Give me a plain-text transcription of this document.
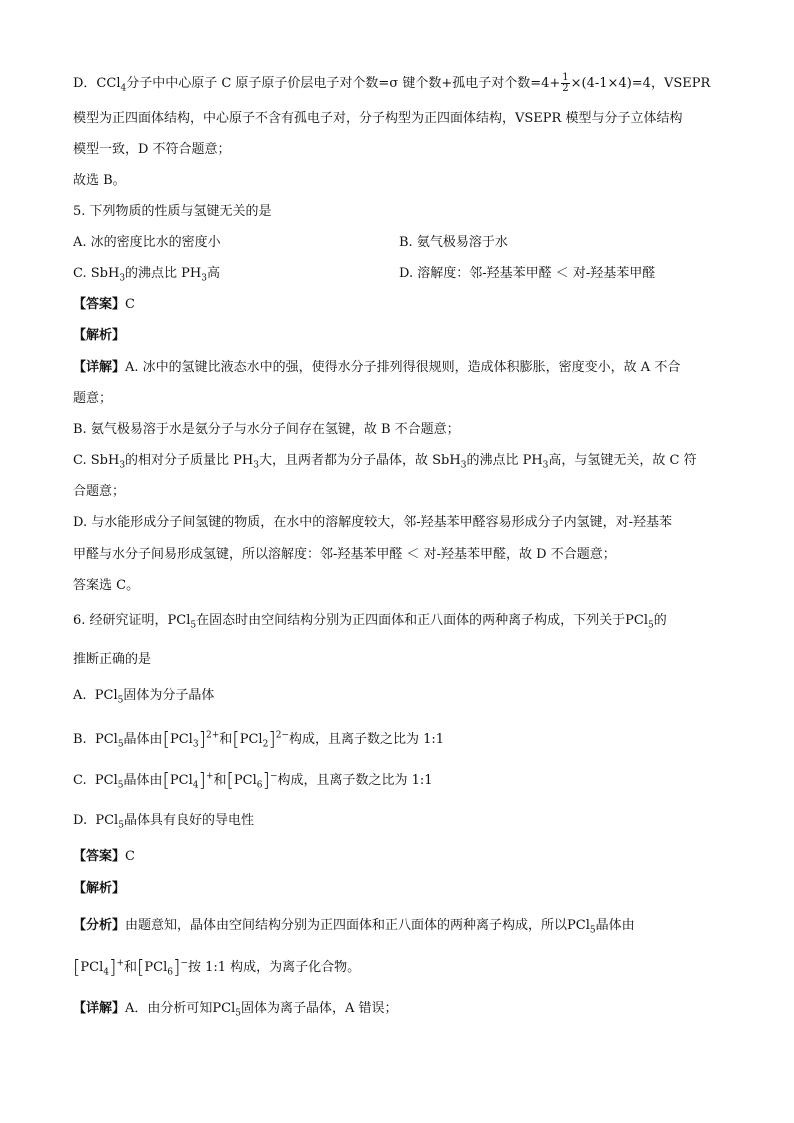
D．CCl$_4$分子中中心原子 C 原子原子价层电子对个数=σ 键个数+孤电子对个数$=4+ \frac{1}{2} \times(4-1\times 4)=4$，VSEPR
模型为正四面体结构，中心原子不含有孤电子对，分子构型为正四面体结构，VSEPR 模型与分子立体结构
模型一致，D 不符合题意；
故选 B。
5. 下列物质的性质与氢键无关的是
A. 冰的密度比水的密度小	B. 氨气极易溶于水
C. SbH$_3$的沸点比 $PH_3$高	D. 溶解度：邻-羟基苯甲醛 ＜ 对-羟基苯甲醛
【答案】C
【解析】
【详解】A. 冰中的氢键比液态水中的强，使得水分子排列得很规则，造成体积膨胀，密度变小，故 A 不合
题意；
B. 氨气极易溶于水是氨分子与水分子间存在氢键，故 B 不合题意；
C. SbH$_3$的相对分子质量比 $PH_3$大，且两者都为分子晶体，故 SbH$_3$的沸点比 $PH_3$高，与氢键无关，故 C 符
合题意；
D. 与水能形成分子间氢键的物质，在水中的溶解度较大，邻-羟基苯甲醛容易形成分子内氢键，对-羟基苯
甲醛与水分子间易形成氢键，所以溶解度：邻-羟基苯甲醛 ＜ 对-羟基苯甲醛，故 D 不合题意；
答案选 C。
6. 经研究证明，PCl$_5$在固态时由空间结构分别为正四面体和正八面体的两种离子构成，下列关于PCl$_5$的
推断正确的是
A. PCl$_5$固体为分子晶体
B. PCl$_5$晶体由$[PCl_3]^{2+}$和$[PCl_2]^{2-}$构成，且离子数之比为 1:1
C. PCl$_5$晶体由[PCl$_4$]+和[PCl$_6$]−构成，且离子数之比为 1:1
D. PCl$_5$晶体具有良好的导电性
【答案】C
【解析】
【分析】由题意知，晶体由空间结构分别为正四面体和正八面体的两种离子构成，所以PCl$_5$晶体由
[PCl$_4$]+和[PCl$_6$]−按 1:1 构成，为离子化合物。
【详解】A．由分析可知PCl$_5$固体为离子晶体，A 错误；
